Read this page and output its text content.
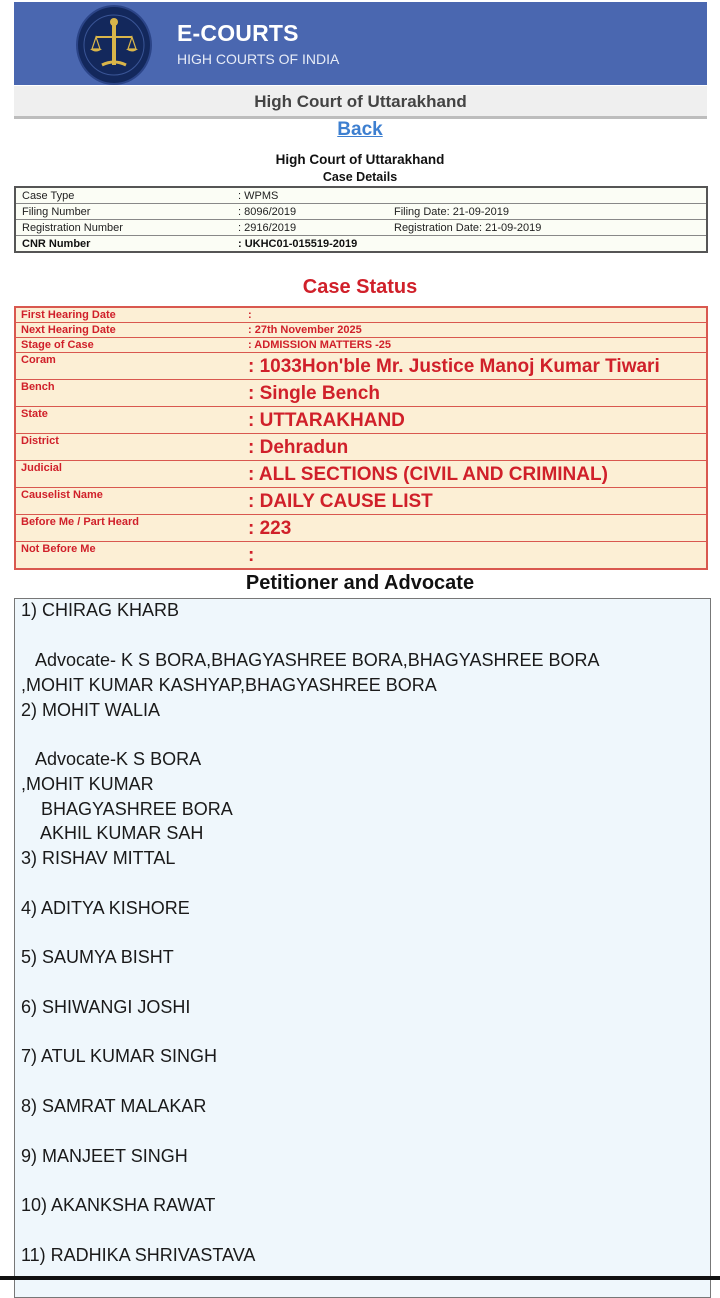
E-COURTS
HIGH COURTS OF INDIA
High Court of Uttarakhand
Back
High Court of Uttarakhand
Case Details
Case Type	: WPMS	
Filing Number	: 8096/2019	Filing Date: 21-09-2019
Registration Number	: 2916/2019	Registration Date: 21-09-2019
CNR Number	: UKHC01-015519-2019	
Case Status
First Hearing Date	:
Next Hearing Date	: 27th November 2025
Stage of Case	: ADMISSION MATTERS -25
Coram	: 1033Hon'ble Mr. Justice Manoj Kumar Tiwari
Bench	: Single Bench
State	: UTTARAKHAND
District	: Dehradun
Judicial	: ALL SECTIONS (CIVIL AND CRIMINAL)
Causelist Name	: DAILY CAUSE LIST
Before Me / Part Heard	: 223
Not Before Me	:
Petitioner and Advocate
1) CHIRAG KHARB
Advocate- K S BORA,BHAGYASHREE BORA,BHAGYASHREE BORA
,MOHIT KUMAR KASHYAP,BHAGYASHREE BORA
2) MOHIT WALIA
Advocate-K S BORA
,MOHIT KUMAR
BHAGYASHREE BORA
AKHIL KUMAR SAH
3) RISHAV MITTAL
4) ADITYA KISHORE
5) SAUMYA BISHT
6) SHIWANGI JOSHI
7) ATUL KUMAR SINGH
8) SAMRAT MALAKAR
9) MANJEET SINGH
10) AKANKSHA RAWAT
11) RADHIKA SHRIVASTAVA
